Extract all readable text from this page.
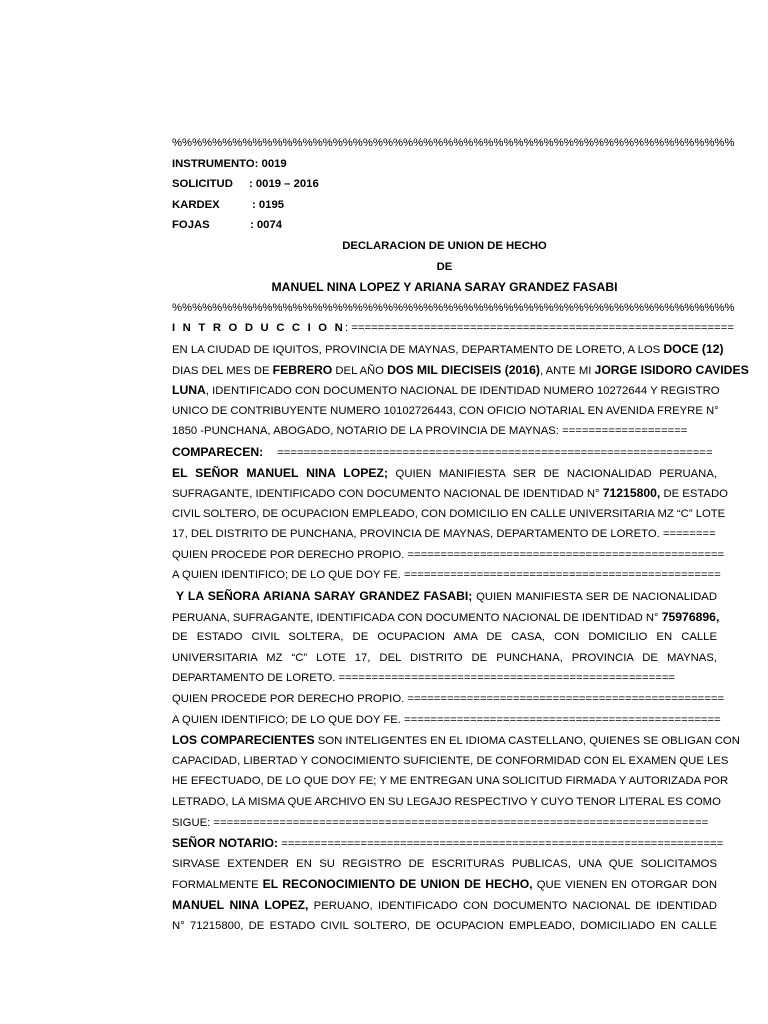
%%%%%%%%%%%%%%%%%%%%%%%%%%%%%%%%%%%%%%%%%%%%%%%%%%%%%%%%
INSTRUMENTO: 0019
SOLICITUD : 0019 – 2016
KARDEX	: 0195
FOJAS	: 0074
DECLARACION DE UNION DE HECHO
DE
MANUEL NINA LOPEZ Y ARIANA SARAY GRANDEZ FASABI
%%%%%%%%%%%%%%%%%%%%%%%%%%%%%%%%%%%%%%%%%%%%%%%%%%%%%%%%
I N T R O D U C C I O N: ==========================================================
EN LA CIUDAD DE IQUITOS, PROVINCIA DE MAYNAS, DEPARTAMENTO DE LORETO, A LOS DOCE (12)
DIAS DEL MES DE FEBRERO DEL AÑO DOS MIL DIECISEIS (2016), ANTE MI JORGE ISIDORO CAVIDES
LUNA, IDENTIFICADO CON DOCUMENTO NACIONAL DE IDENTIDAD NUMERO 10272644 Y REGISTRO
UNICO DE CONTRIBUYENTE NUMERO 10102726443, CON OFICIO NOTARIAL EN AVENIDA FREYRE N°
1850 -PUNCHANA, ABOGADO, NOTARIO DE LA PROVINCIA DE MAYNAS: ===================
COMPARECEN: ==================================================================
EL SEÑOR MANUEL NINA LOPEZ; QUIEN MANIFIESTA SER DE NACIONALIDAD PERUANA,
SUFRAGANTE, IDENTIFICADO CON DOCUMENTO NACIONAL DE IDENTIDAD N° 71215800, DE ESTADO
CIVIL SOLTERO, DE OCUPACION EMPLEADO, CON DOMICILIO EN CALLE UNIVERSITARIA MZ “C” LOTE
17, DEL DISTRITO DE PUNCHANA, PROVINCIA DE MAYNAS, DEPARTAMENTO DE LORETO. ========
QUIEN PROCEDE POR DERECHO PROPIO. ================================================
A QUIEN IDENTIFICO; DE LO QUE DOY FE. ================================================
Y LA SEÑORA ARIANA SARAY GRANDEZ FASABI; QUIEN MANIFIESTA SER DE NACIONALIDAD
PERUANA, SUFRAGANTE, IDENTIFICADA CON DOCUMENTO NACIONAL DE IDENTIDAD N° 75976896,
DE ESTADO CIVIL SOLTERA, DE OCUPACION AMA DE CASA, CON DOMICILIO EN CALLE
UNIVERSITARIA MZ “C” LOTE 17, DEL DISTRITO DE PUNCHANA, PROVINCIA DE MAYNAS,
DEPARTAMENTO DE LORETO. ===================================================
QUIEN PROCEDE POR DERECHO PROPIO. ================================================
A QUIEN IDENTIFICO; DE LO QUE DOY FE. ================================================
LOS COMPARECIENTES SON INTELIGENTES EN EL IDIOMA CASTELLANO, QUIENES SE OBLIGAN CON
CAPACIDAD, LIBERTAD Y CONOCIMIENTO SUFICIENTE, DE CONFORMIDAD CON EL EXAMEN QUE LES
HE EFECTUADO, DE LO QUE DOY FE; Y ME ENTREGAN UNA SOLICITUD FIRMADA Y AUTORIZADA POR
LETRADO, LA MISMA QUE ARCHIVO EN SU LEGAJO RESPECTIVO Y CUYO TENOR LITERAL ES COMO
SIGUE: ===========================================================================
SEÑOR NOTARIO: ===================================================================
SIRVASE EXTENDER EN SU REGISTRO DE ESCRITURAS PUBLICAS, UNA QUE SOLICITAMOS
FORMALMENTE EL RECONOCIMIENTO DE UNION DE HECHO, QUE VIENEN EN OTORGAR DON
MANUEL NINA LOPEZ, PERUANO, IDENTIFICADO CON DOCUMENTO NACIONAL DE IDENTIDAD
N° 71215800, DE ESTADO CIVIL SOLTERO, DE OCUPACION EMPLEADO, DOMICILIADO EN CALLE
